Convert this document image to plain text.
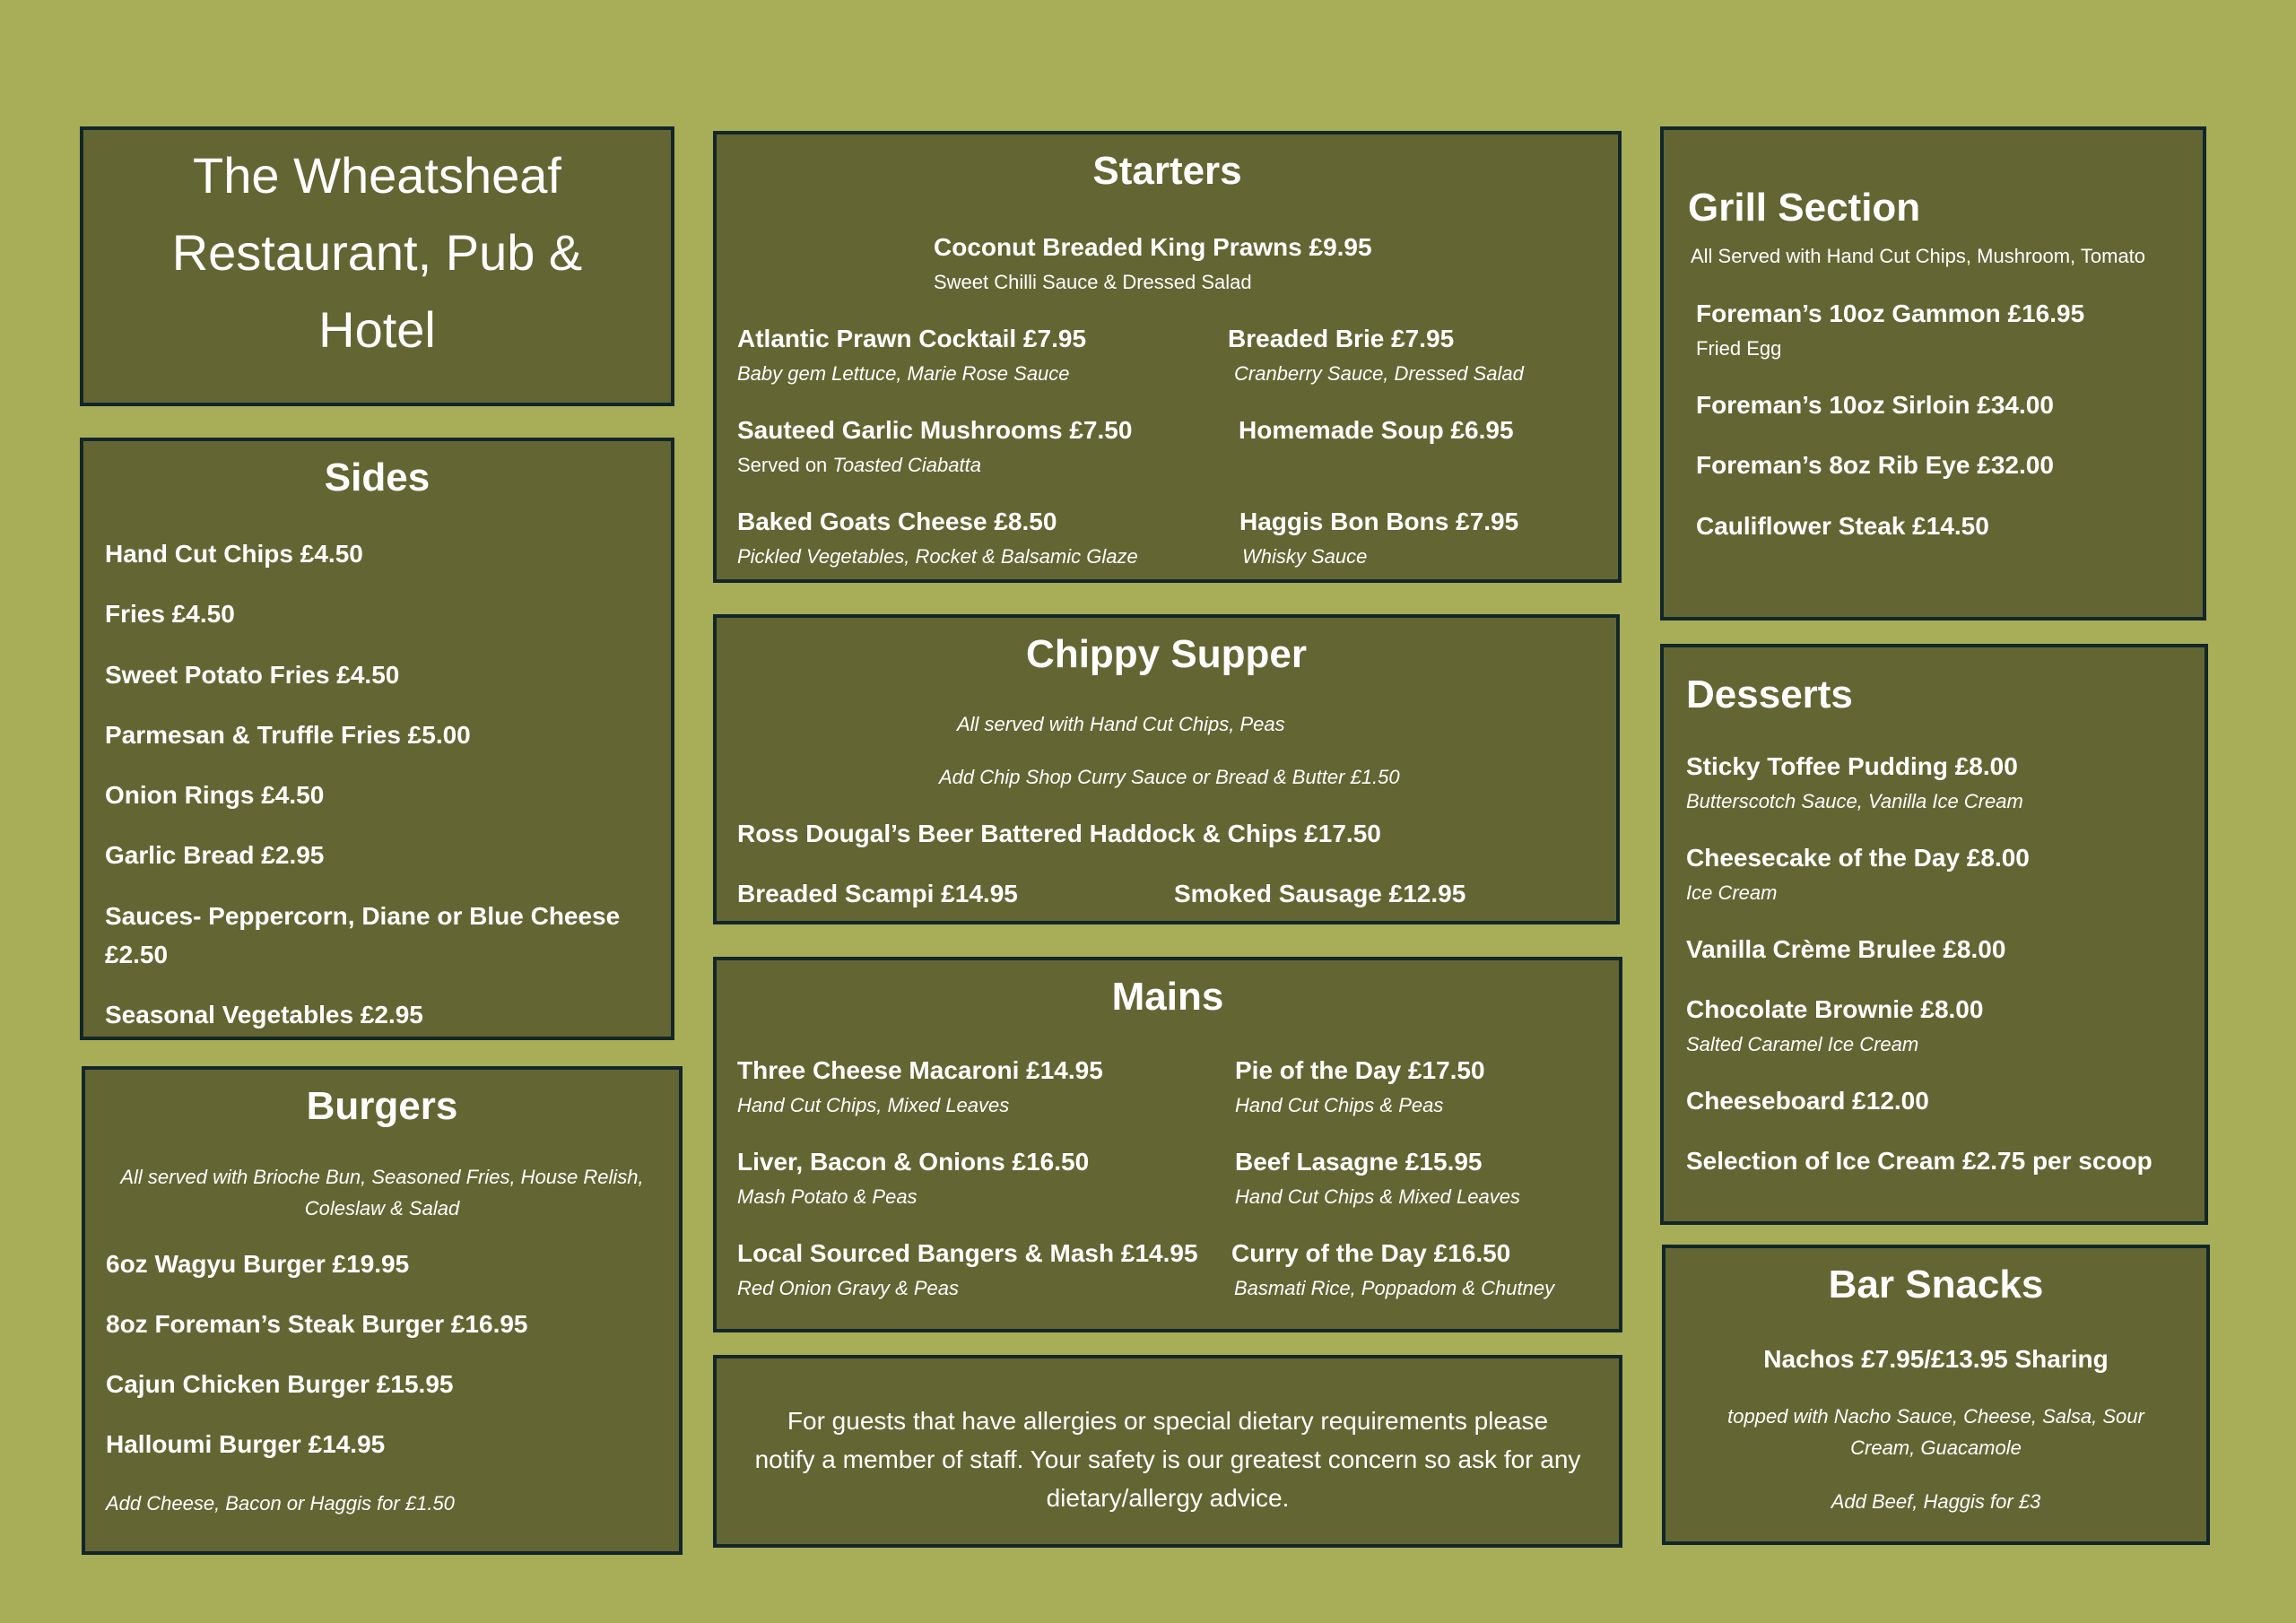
The Wheatsheaf
Restaurant, Pub &
Hotel
Starters
Coconut Breaded King Prawns £9.95
Sweet Chilli Sauce & Dressed Salad
Atlantic Prawn Cocktail £7.95
Baby gem Lettuce, Marie Rose Sauce
Breaded Brie £7.95
Cranberry Sauce, Dressed Salad
Sauteed Garlic Mushrooms £7.50
Served on Toasted Ciabatta
Homemade Soup £6.95
Baked Goats Cheese £8.50
Pickled Vegetables, Rocket & Balsamic Glaze
Haggis Bon Bons £7.95
Whisky Sauce
Grill Section
All Served with Hand Cut Chips, Mushroom, Tomato
Foreman’s 10oz Gammon £16.95
Fried Egg
Foreman’s 10oz Sirloin £34.00
Foreman’s 8oz Rib Eye £32.00
Cauliflower Steak £14.50
Sides
Hand Cut Chips £4.50
Fries £4.50
Sweet Potato Fries £4.50
Parmesan & Truffle Fries £5.00
Onion Rings £4.50
Garlic Bread £2.95
Sauces- Peppercorn, Diane or Blue Cheese
£2.50
Seasonal Vegetables £2.95
Chippy Supper
All served with Hand Cut Chips, Peas
Add Chip Shop Curry Sauce or Bread & Butter £1.50
Ross Dougal’s Beer Battered Haddock & Chips £17.50
Breaded Scampi £14.95	Smoked Sausage £12.95
Desserts
Sticky Toffee Pudding £8.00
Butterscotch Sauce, Vanilla Ice Cream
Cheesecake of the Day £8.00
Ice Cream
Vanilla Crème Brulee £8.00
Chocolate Brownie £8.00
Salted Caramel Ice Cream
Cheeseboard £12.00
Selection of Ice Cream £2.75 per scoop
Mains
Three Cheese Macaroni £14.95
Hand Cut Chips, Mixed Leaves
Pie of the Day £17.50
Hand Cut Chips & Peas
Liver, Bacon & Onions £16.50
Mash Potato & Peas
Beef Lasagne £15.95
Hand Cut Chips & Mixed Leaves
Local Sourced Bangers & Mash £14.95
Red Onion Gravy & Peas
Curry of the Day £16.50
Basmati Rice, Poppadom & Chutney
Burgers
All served with Brioche Bun, Seasoned Fries, House Relish,
Coleslaw & Salad
6oz Wagyu Burger £19.95
8oz Foreman’s Steak Burger £16.95
Cajun Chicken Burger £15.95
Halloumi Burger £14.95
Add Cheese, Bacon or Haggis for £1.50
For guests that have allergies or special dietary requirements please
notify a member of staff. Your safety is our greatest concern so ask for any
dietary/allergy advice.
Bar Snacks
Nachos £7.95/£13.95 Sharing
topped with Nacho Sauce, Cheese, Salsa, Sour
Cream, Guacamole
Add Beef, Haggis for £3
